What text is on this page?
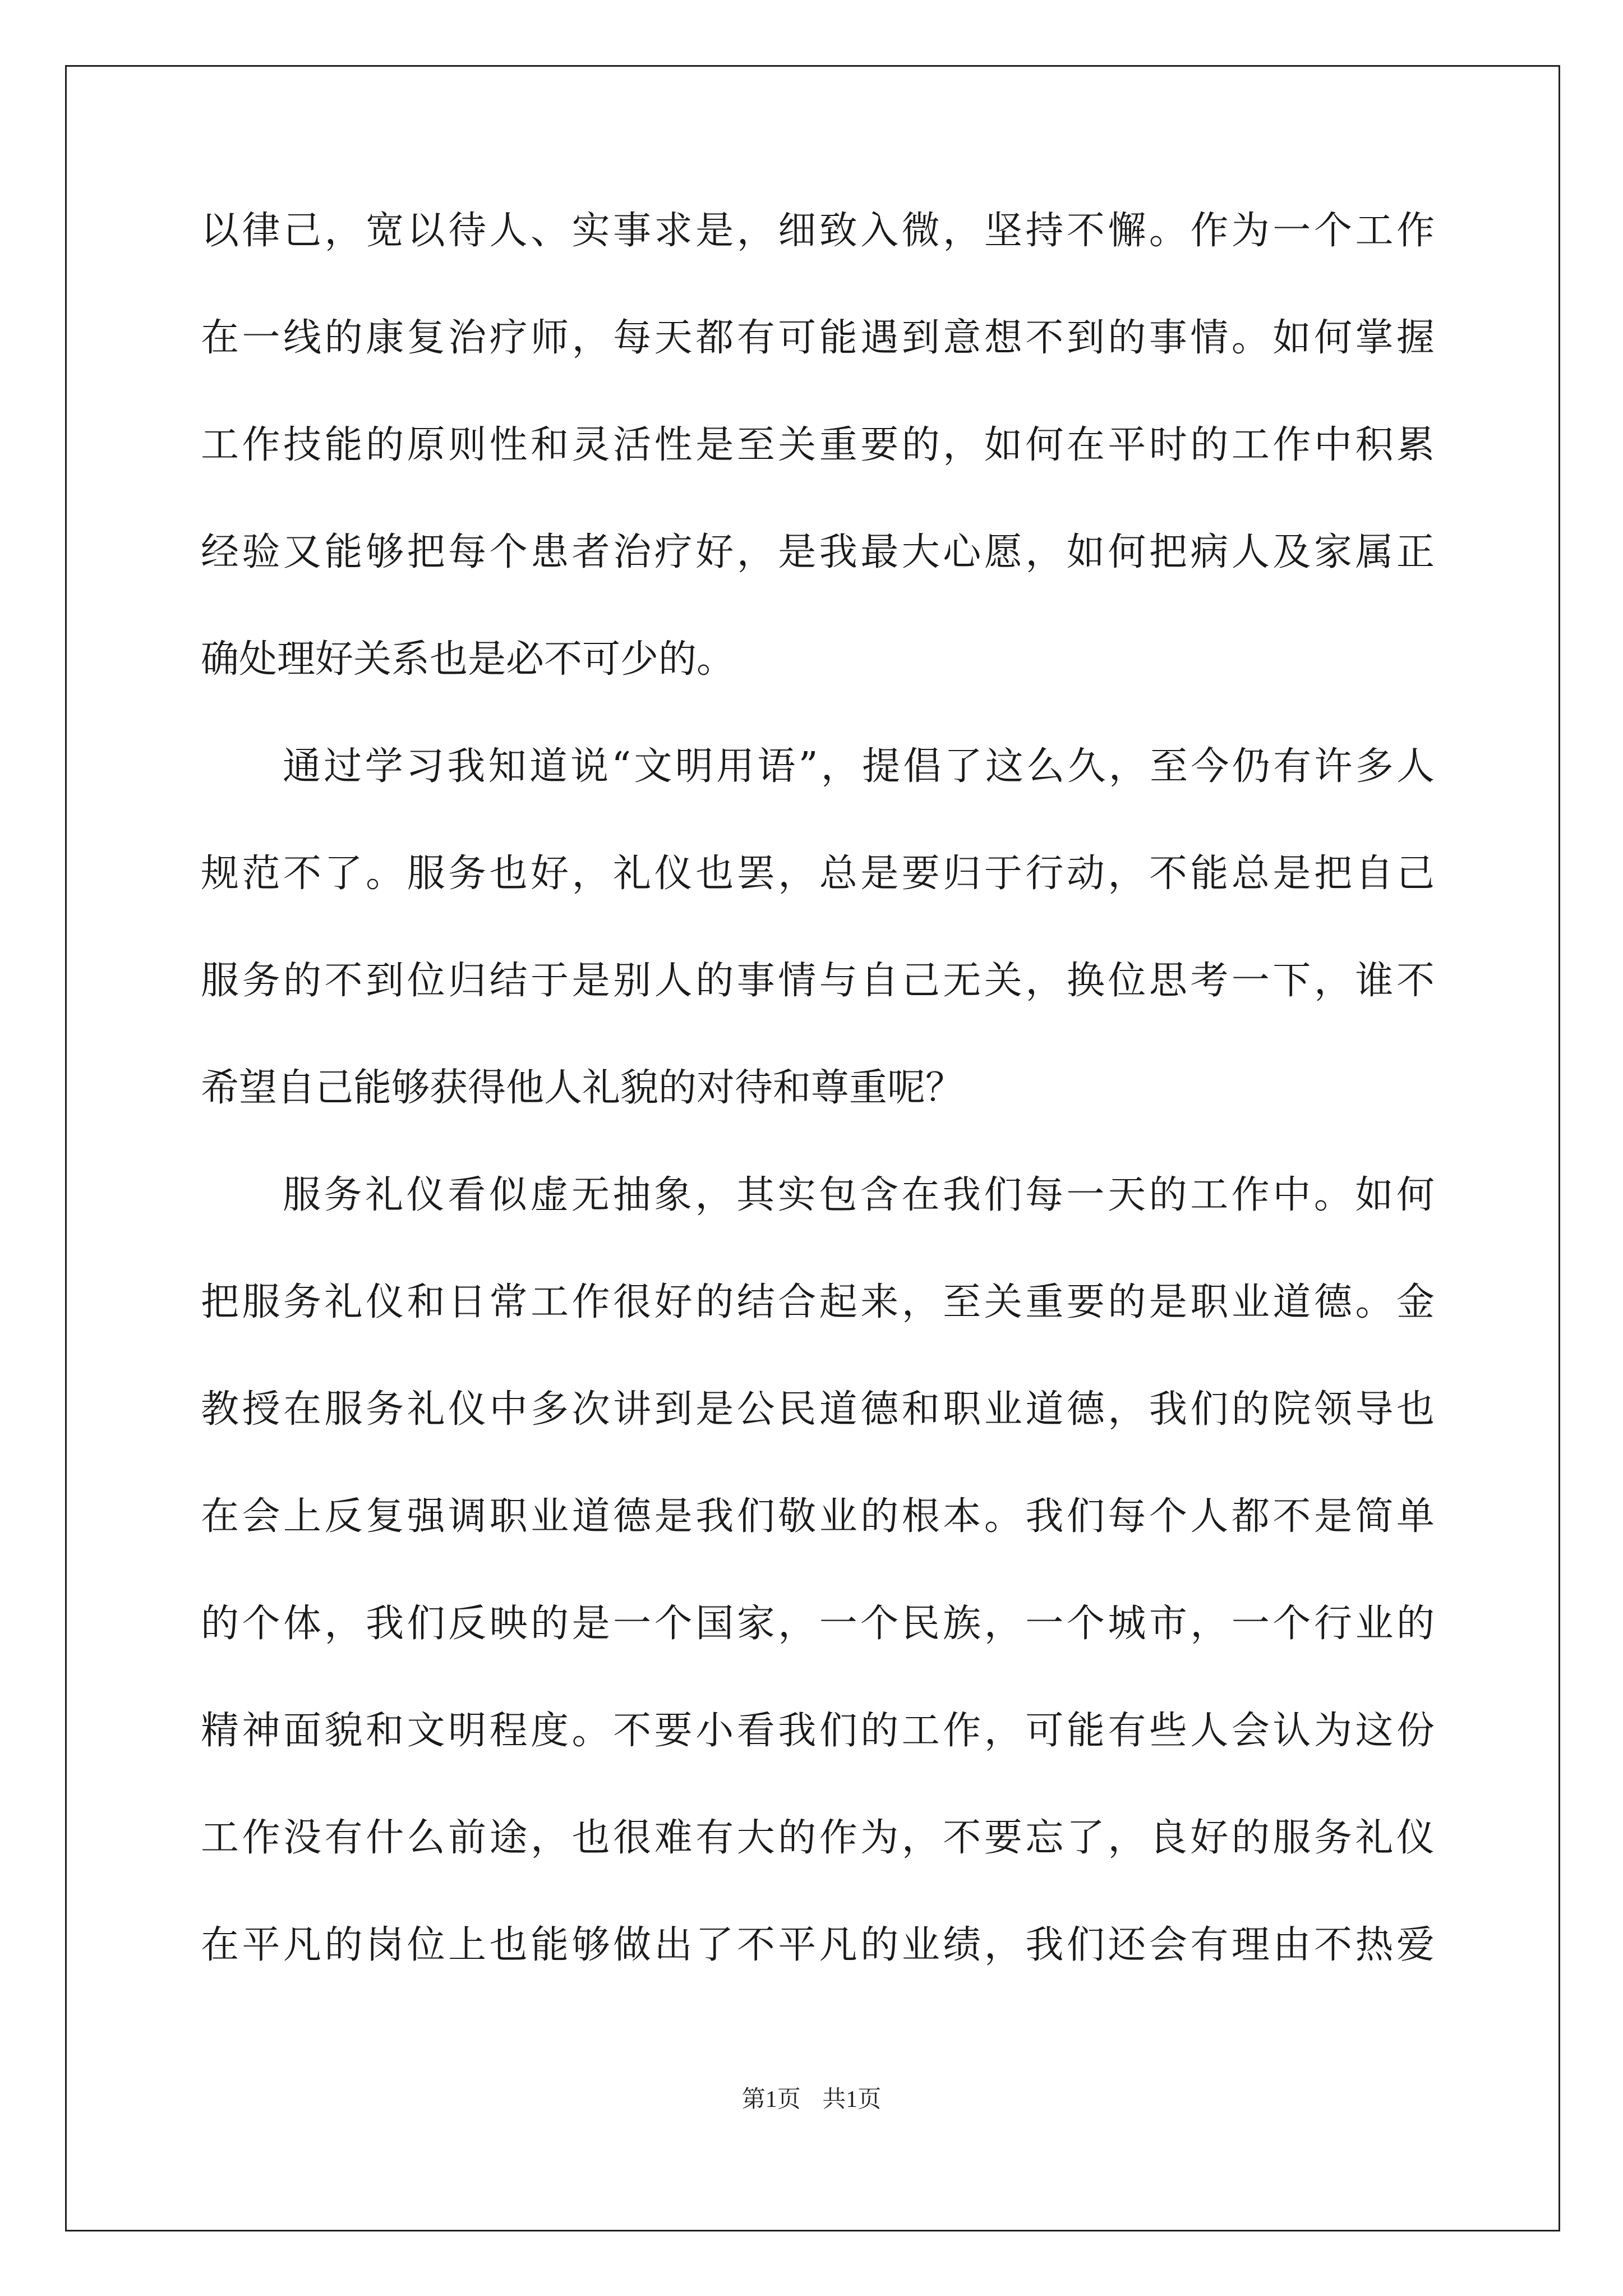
以律己，宽以待人、实事求是，细致入微，坚持不懈。作为一个工作
在一线的康复治疗师，每天都有可能遇到意想不到的事情。如何掌握
工作技能的原则性和灵活性是至关重要的，如何在平时的工作中积累
经验又能够把每个患者治疗好，是我最大心愿，如何把病人及家属正
确处理好关系也是必不可少的。
通过学习我知道说“文明用语”，提倡了这么久，至今仍有许多人
规范不了。服务也好，礼仪也罢，总是要归于行动，不能总是把自己
服务的不到位归结于是别人的事情与自己无关，换位思考一下，谁不
希望自己能够获得他人礼貌的对待和尊重呢？
服务礼仪看似虚无抽象，其实包含在我们每一天的工作中。如何
把服务礼仪和日常工作很好的结合起来，至关重要的是职业道德。金
教授在服务礼仪中多次讲到是公民道德和职业道德，我们的院领导也
在会上反复强调职业道德是我们敬业的根本。我们每个人都不是简单
的个体，我们反映的是一个国家，一个民族，一个城市，一个行业的
精神面貌和文明程度。不要小看我们的工作，可能有些人会认为这份
工作没有什么前途，也很难有大的作为，不要忘了，良好的服务礼仪
在平凡的岗位上也能够做出了不平凡的业绩，我们还会有理由不热爱
第1页 共1页
